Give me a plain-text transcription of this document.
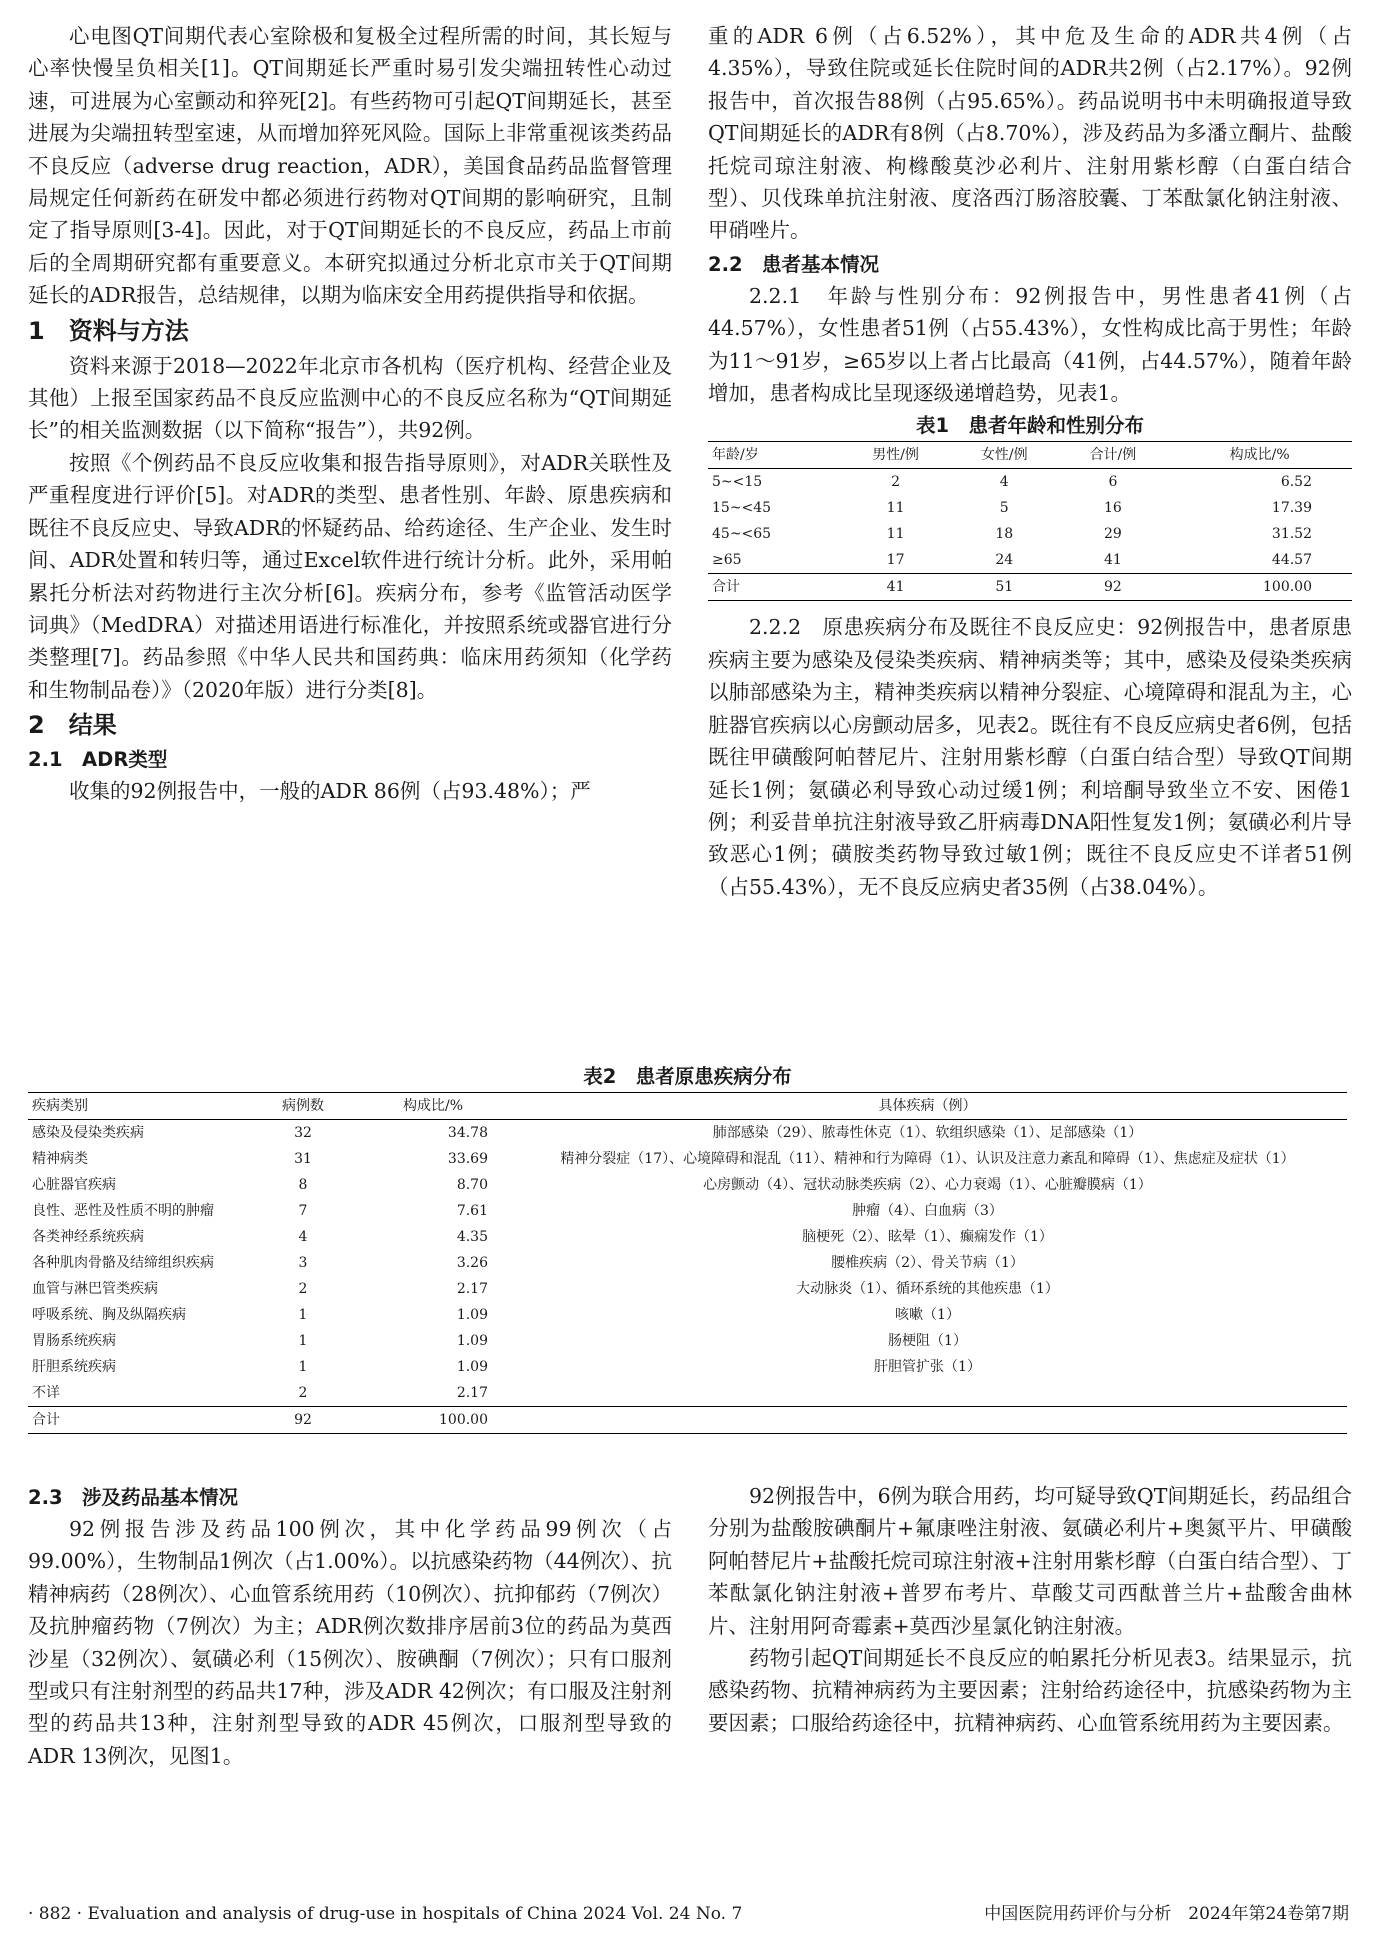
心电图QT间期代表心室除极和复极全过程所需的时间，其长短与心率快慢呈负相关[1]。QT间期延长严重时易引发尖端扭转性心动过速，可进展为心室颤动和猝死[2]。有些药物可引起QT间期延长，甚至进展为尖端扭转型室速，从而增加猝死风险。国际上非常重视该类药品不良反应（adverse drug reaction，ADR），美国食品药品监督管理局规定任何新药在研发中都必须进行药物对QT间期的影响研究，且制定了指导原则[3-4]。因此，对于QT间期延长的不良反应，药品上市前后的全周期研究都有重要意义。本研究拟通过分析北京市关于QT间期延长的ADR报告，总结规律，以期为临床安全用药提供指导和依据。

1　资料与方法

资料来源于2018—2022年北京市各机构（医疗机构、经营企业及其他）上报至国家药品不良反应监测中心的不良反应名称为“QT间期延长”的相关监测数据（以下简称“报告”），共92例。

按照《个例药品不良反应收集和报告指导原则》，对ADR关联性及严重程度进行评价[5]。对ADR的类型、患者性别、年龄、原患疾病和既往不良反应史、导致ADR的怀疑药品、给药途径、生产企业、发生时间、ADR处置和转归等，通过Excel软件进行统计分析。此外，采用帕累托分析法对药物进行主次分析[6]。疾病分布，参考《监管活动医学词典》（MedDRA）对描述用语进行标准化，并按照系统或器官进行分类整理[7]。药品参照《中华人民共和国药典：临床用药须知（化学药和生物制品卷）》（2020年版）进行分类[8]。

2　结果
2.1　ADR类型

收集的92例报告中，一般的ADR 86例（占93.48%）；严

重的ADR 6例（占6.52%），其中危及生命的ADR共4例（占4.35%），导致住院或延长住院时间的ADR共2例（占2.17%）。92例报告中，首次报告88例（占95.65%）。药品说明书中未明确报道导致QT间期延长的ADR有8例（占8.70%），涉及药品为多潘立酮片、盐酸托烷司琼注射液、枸橼酸莫沙必利片、注射用紫杉醇（白蛋白结合型）、贝伐珠单抗注射液、度洛西汀肠溶胶囊、丁苯酞氯化钠注射液、甲硝唑片。

2.2　患者基本情况

2.2.1　年龄与性别分布：92例报告中，男性患者41例（占44.57%），女性患者51例（占55.43%），女性构成比高于男性；年龄为11～91岁，≥65岁以上者占比最高（41例，占44.57%），随着年龄增加，患者构成比呈现逐级递增趋势，见表1。

表1　患者年龄和性别分布
年龄/岁	男性/例	女性/例	合计/例	构成比/%
5~<15	2	4	6	6.52
15~<45	11	5	16	17.39
45~<65	11	18	29	31.52
≥65	17	24	41	44.57
合计	41	51	92	100.00

2.2.2　原患疾病分布及既往不良反应史：92例报告中，患者原患疾病主要为感染及侵染类疾病、精神病类等；其中，感染及侵染类疾病以肺部感染为主，精神类疾病以精神分裂症、心境障碍和混乱为主，心脏器官疾病以心房颤动居多，见表2。既往有不良反应病史者6例，包括既往甲磺酸阿帕替尼片、注射用紫杉醇（白蛋白结合型）导致QT间期延长1例；氨磺必利导致心动过缓1例；利培酮导致坐立不安、困倦1例；利妥昔单抗注射液导致乙肝病毒DNA阳性复发1例；氨磺必利片导致恶心1例；磺胺类药物导致过敏1例；既往不良反应史不详者51例（占55.43%），无不良反应病史者35例（占38.04%）。

表2　患者原患疾病分布
疾病类别	病例数	构成比/%	具体疾病（例）
感染及侵染类疾病	32	34.78	肺部感染（29）、脓毒性休克（1）、软组织感染（1）、足部感染（1）
精神病类	31	33.69	精神分裂症（17）、心境障碍和混乱（11）、精神和行为障碍（1）、认识及注意力紊乱和障碍（1）、焦虑症及症状（1）
心脏器官疾病	8	8.70	心房颤动（4）、冠状动脉类疾病（2）、心力衰竭（1）、心脏瓣膜病（1）
良性、恶性及性质不明的肿瘤	7	7.61	肿瘤（4）、白血病（3）
各类神经系统疾病	4	4.35	脑梗死（2）、眩晕（1）、癫痫发作（1）
各种肌肉骨骼及结缔组织疾病	3	3.26	腰椎疾病（2）、骨关节病（1）
血管与淋巴管类疾病	2	2.17	大动脉炎（1）、循环系统的其他疾患（1）
呼吸系统、胸及纵隔疾病	1	1.09	咳嗽（1）
胃肠系统疾病	1	1.09	肠梗阻（1）
肝胆系统疾病	1	1.09	肝胆管扩张（1）
不详	2	2.17	
合计	92	100.00	
2.3　涉及药品基本情况

92例报告涉及药品100例次，其中化学药品99例次（占99.00%），生物制品1例次（占1.00%）。以抗感染药物（44例次）、抗精神病药（28例次）、心血管系统用药（10例次）、抗抑郁药（7例次）及抗肿瘤药物（7例次）为主；ADR例次数排序居前3位的药品为莫西沙星（32例次）、氨磺必利（15例次）、胺碘酮（7例次）；只有口服剂型或只有注射剂型的药品共17种，涉及ADR 42例次；有口服及注射剂型的药品共13种，注射剂型导致的ADR 45例次，口服剂型导致的ADR 13例次，见图1。

92例报告中，6例为联合用药，均可疑导致QT间期延长，药品组合分别为盐酸胺碘酮片+氟康唑注射液、氨磺必利片+奥氮平片、甲磺酸阿帕替尼片+盐酸托烷司琼注射液+注射用紫杉醇（白蛋白结合型）、丁苯酞氯化钠注射液+普罗布考片、草酸艾司西酞普兰片+盐酸舍曲林片、注射用阿奇霉素+莫西沙星氯化钠注射液。

药物引起QT间期延长不良反应的帕累托分析见表3。结果显示，抗感染药物、抗精神病药为主要因素；注射给药途径中，抗感染药物为主要因素；口服给药途径中，抗精神病药、心血管系统用药为主要因素。

· 882 · Evaluation and analysis of drug-use in hospitals of China 2024 Vol. 24 No. 7	中国医院用药评价与分析　2024年第24卷第7期
